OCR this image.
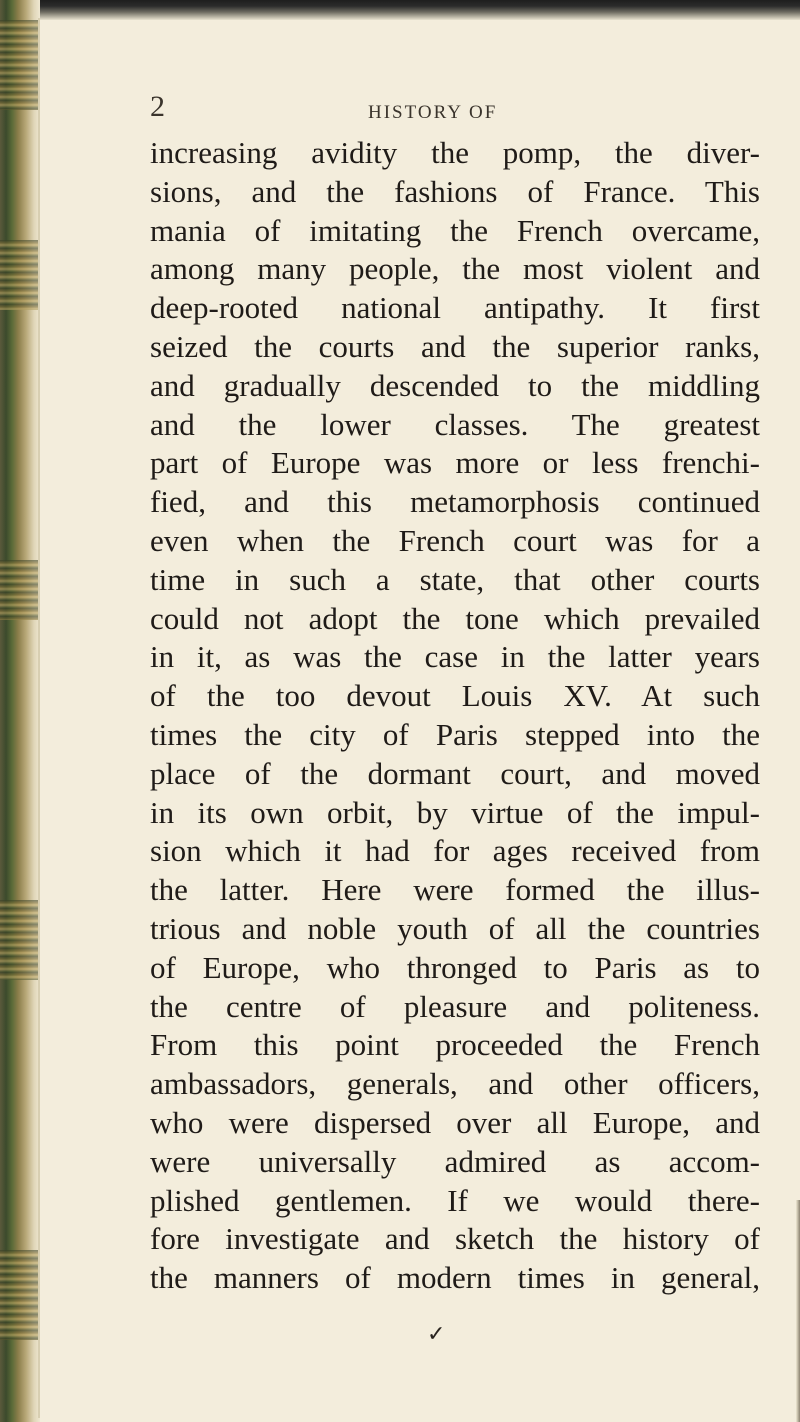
2	HISTORY OF
increasing avidity the pomp, the diver-
sions, and the fashions of France. This
mania of imitating the French overcame,
among many people, the most violent and
deep-rooted national antipathy. It first
seized the courts and the superior ranks,
and gradually descended to the middling
and the lower classes. The greatest
part of Europe was more or less frenchi-
fied, and this metamorphosis continued
even when the French court was for a
time in such a state, that other courts
could not adopt the tone which prevailed
in it, as was the case in the latter years
of the too devout Louis XV. At such
times the city of Paris stepped into the
place of the dormant court, and moved
in its own orbit, by virtue of the impul-
sion which it had for ages received from
the latter. Here were formed the illus-
trious and noble youth of all the countries
of Europe, who thronged to Paris as to
the centre of pleasure and politeness.
From this point proceeded the French
ambassadors, generals, and other officers,
who were dispersed over all Europe, and
were universally admired as accom-
plished gentlemen. If we would there-
fore investigate and sketch the history of
the manners of modern times in general,
✓
